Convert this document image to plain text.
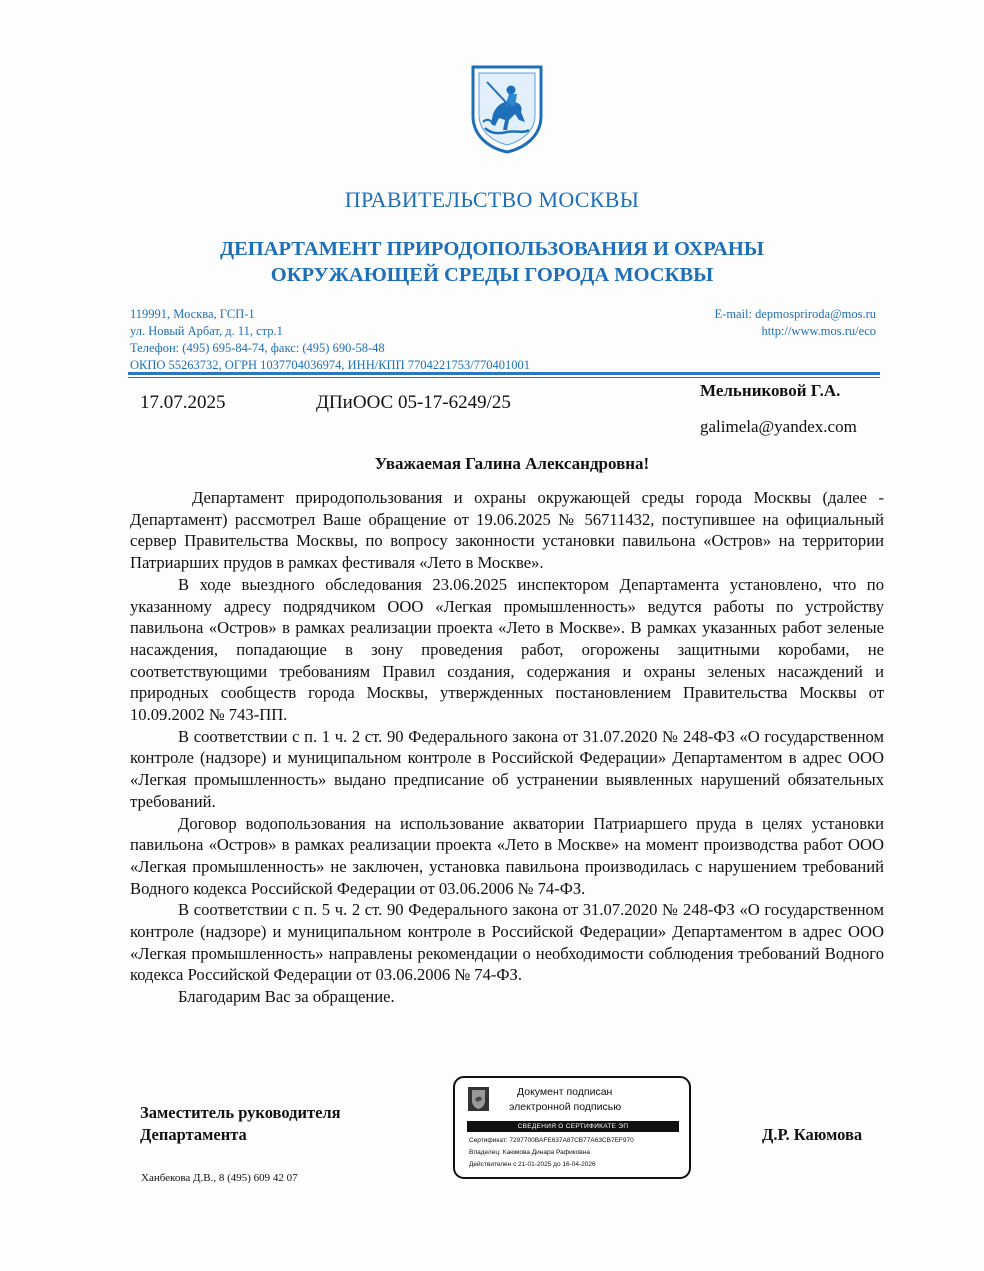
ПРАВИТЕЛЬСТВО МОСКВЫ
ДЕПАРТАМЕНТ ПРИРОДОПОЛЬЗОВАНИЯ И ОХРАНЫ
ОКРУЖАЮЩЕЙ СРЕДЫ ГОРОДА МОСКВЫ
119991, Москва, ГСП-1
ул. Новый Арбат, д. 11, стр.1
Телефон: (495) 695-84-74, факс: (495) 690-58-48
ОКПО 55263732, ОГРН 1037704036974, ИНН/КПП 7704221753/770401001
E-mail: depmospriroda@mos.ru
http://www.mos.ru/eco
17.07.2025	ДПиООС 05-17-6249/25
Мельниковой Г.А.
galimela@yandex.com
Уважаемая Галина Александровна!

Департамент природопользования и охраны окружающей среды города Москвы (далее - Департамент) рассмотрел Ваше обращение от 19.06.2025 № 56711432, поступившее на официальный сервер Правительства Москвы, по вопросу законности установки павильона «Остров» на территории Патриарших прудов в рамках фестиваля «Лето в Москве».

В ходе выездного обследования 23.06.2025 инспектором Департамента установлено, что по указанному адресу подрядчиком ООО «Легкая промышленность» ведутся работы по устройству павильона «Остров» в рамках реализации проекта «Лето в Москве». В рамках указанных работ зеленые насаждения, попадающие в зону проведения работ, огорожены защитными коробами, не соответствующими требованиям Правил создания, содержания и охраны зеленых насаждений и природных сообществ города Москвы, утвержденных постановлением Правительства Москвы от 10.09.2002 № 743-ПП.

В соответствии с п. 1 ч. 2 ст. 90 Федерального закона от 31.07.2020 № 248-ФЗ «О государственном контроле (надзоре) и муниципальном контроле в Российской Федерации» Департаментом в адрес ООО «Легкая промышленность» выдано предписание об устранении выявленных нарушений обязательных требований.

Договор водопользования на использование акватории Патриаршего пруда в целях установки павильона «Остров» в рамках реализации проекта «Лето в Москве» на момент производства работ ООО «Легкая промышленность» не заключен, установка павильона производилась с нарушением требований Водного кодекса Российской Федерации от 03.06.2006 № 74-ФЗ.

В соответствии с п. 5 ч. 2 ст. 90 Федерального закона от 31.07.2020 № 248-ФЗ «О государственном контроле (надзоре) и муниципальном контроле в Российской Федерации» Департаментом в адрес ООО «Легкая промышленность» направлены рекомендации о необходимости соблюдения требований Водного кодекса Российской Федерации от 03.06.2006 № 74-ФЗ.

Благодарим Вас за обращение.

Заместитель руководителя
Департамента	Д.Р. Каюмова
Ханбекова Д.В., 8 (495) 609 42 07
Документ подписан
электронной подписью
СВЕДЕНИЯ О СЕРТИФИКАТЕ ЭП
Сертификат: 7297700BAFE637A87CB77A63CB7EF970
Владелец: Каюмова Динара Рафиковна
Действителен с 21-01-2025 до 16-04-2026
